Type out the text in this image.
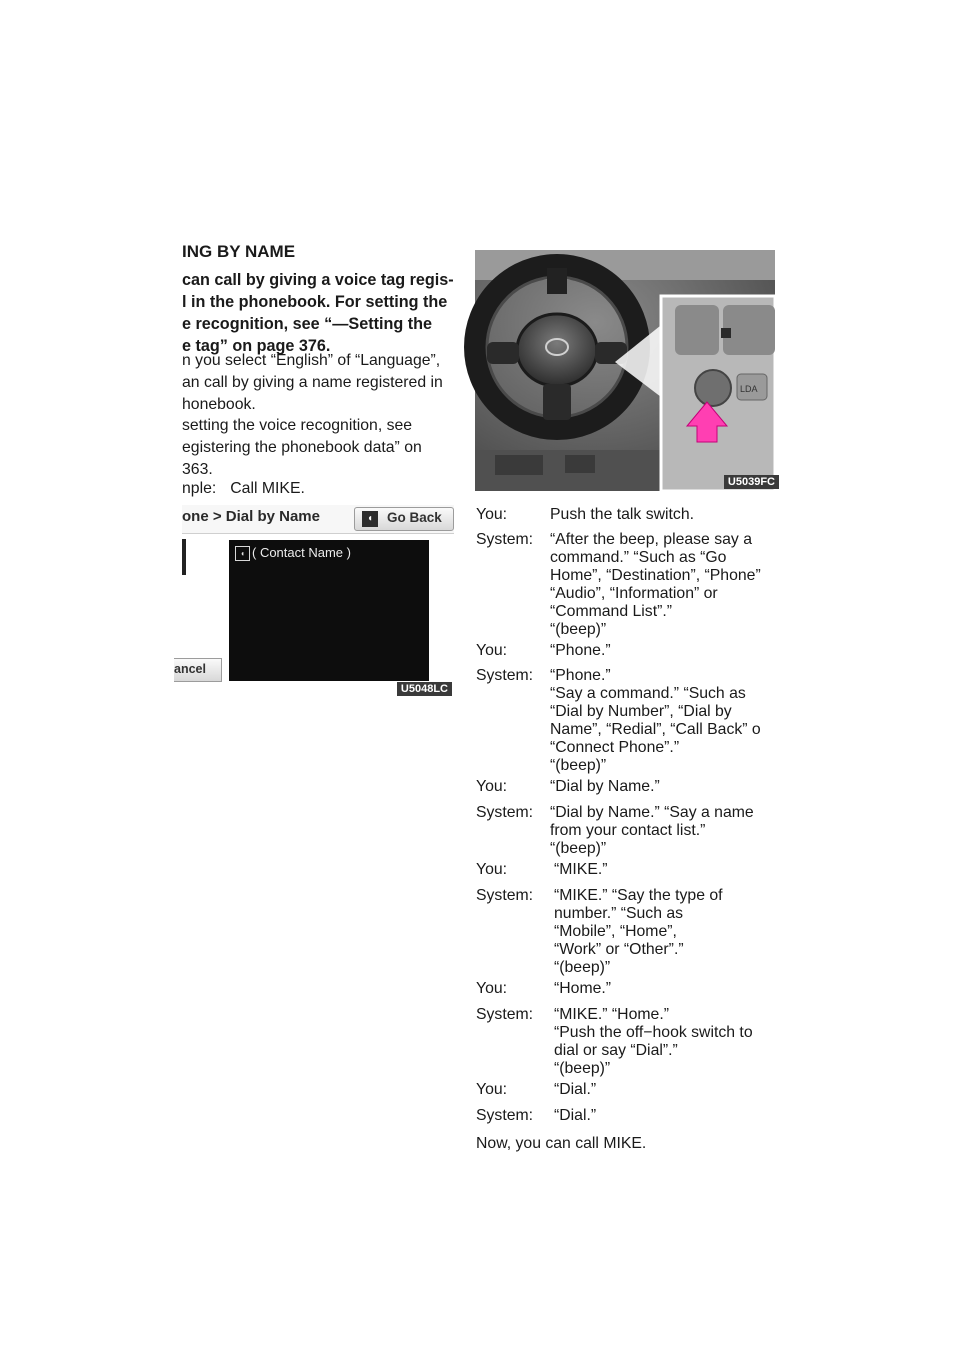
ING BY NAME

can call by giving a voice tag regis-

l in the phonebook. For setting the

e recognition, see “—Setting the

e tag” on page 376.

n you select “English” of “Language”,

an call by giving a name registered in

honebook.

setting the voice recognition, see

egistering the phonebook data” on

363.

nple: Call MIKE.
one > Dial by Name	◖	Go Back
ancel
◖ ( Contact Name )
U5048LC
LDA
U5039FC
You:	Push the talk switch.
System: “After the beep, please say a
command.” “Such as “Go
Home”, “Destination”, “Phone”
“Audio”, “Information” or
“Command List”.”
“(beep)”
You:	“Phone.”
System: “Phone.”
“Say a command.” “Such as
“Dial by Number”, “Dial by
Name”, “Redial”, “Call Back” o
“Connect Phone”.”
“(beep)”
You:	“Dial by Name.”
System: “Dial by Name.” “Say a name
from your contact list.”
“(beep)”
You:	“MIKE.”
System: “MIKE.” “Say the type of
number.” “Such as
“Mobile”, “Home”,
“Work” or “Other”.”
“(beep)”
You:	“Home.”
System: “MIKE.” “Home.”
“Push the off−hook switch to
dial or say “Dial”.”
“(beep)”
You:	“Dial.”
System: “Dial.”
Now, you can call MIKE.
